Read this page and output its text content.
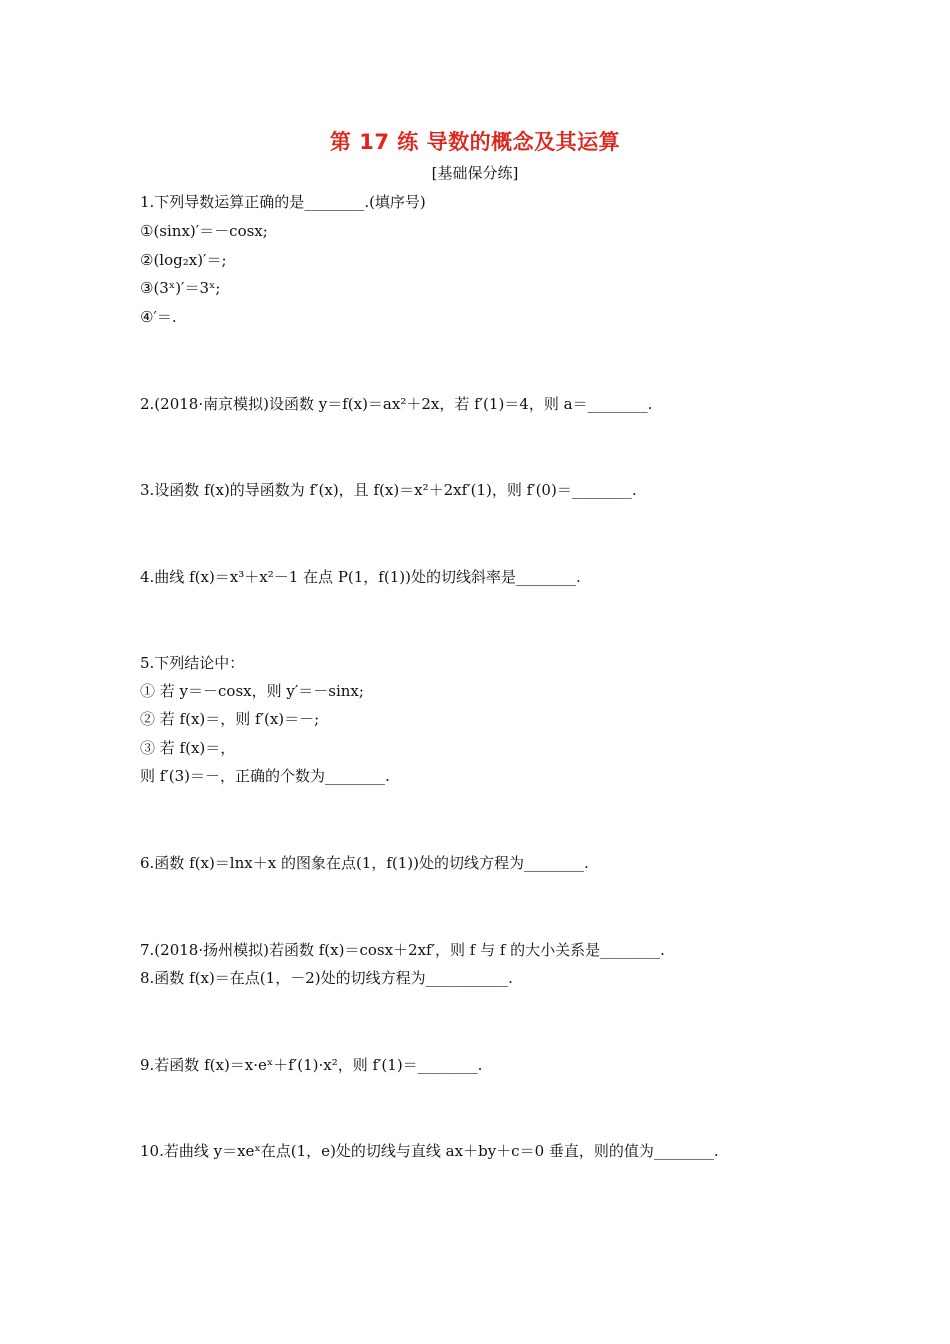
第 17 练 导数的概念及其运算
[基础保分练]
1.下列导数运算正确的是________.(填序号)
①(sinx)′＝－cosx;
②(log₂x)′＝;
③(3ˣ)′＝3ˣ;
④′＝.
2.(2018·南京模拟)设函数 y＝f(x)＝ax²＋2x，若 f′(1)＝4，则 a＝________.
3.设函数 f(x)的导函数为 f′(x)，且 f(x)＝x²＋2xf′(1)，则 f′(0)＝________.
4.曲线 f(x)＝x³＋x²－1 在点 P(1，f(1))处的切线斜率是________.
5.下列结论中：
① 若 y＝－cosx，则 y′＝－sinx;
② 若 f(x)＝，则 f′(x)＝－;
③ 若 f(x)＝，
则 f′(3)＝－，正确的个数为________.
6.函数 f(x)＝lnx＋x 的图象在点(1，f(1))处的切线方程为________.
7.(2018·扬州模拟)若函数 f(x)＝cosx＋2xf′，则 f 与 f 的大小关系是________.
8.函数 f(x)＝在点(1，－2)处的切线方程为___________.
9.若函数 f(x)＝x·eˣ＋f′(1)·x²，则 f′(1)＝________.
10.若曲线 y＝xeˣ在点(1，e)处的切线与直线 ax＋by＋c＝0 垂直，则的值为________.
